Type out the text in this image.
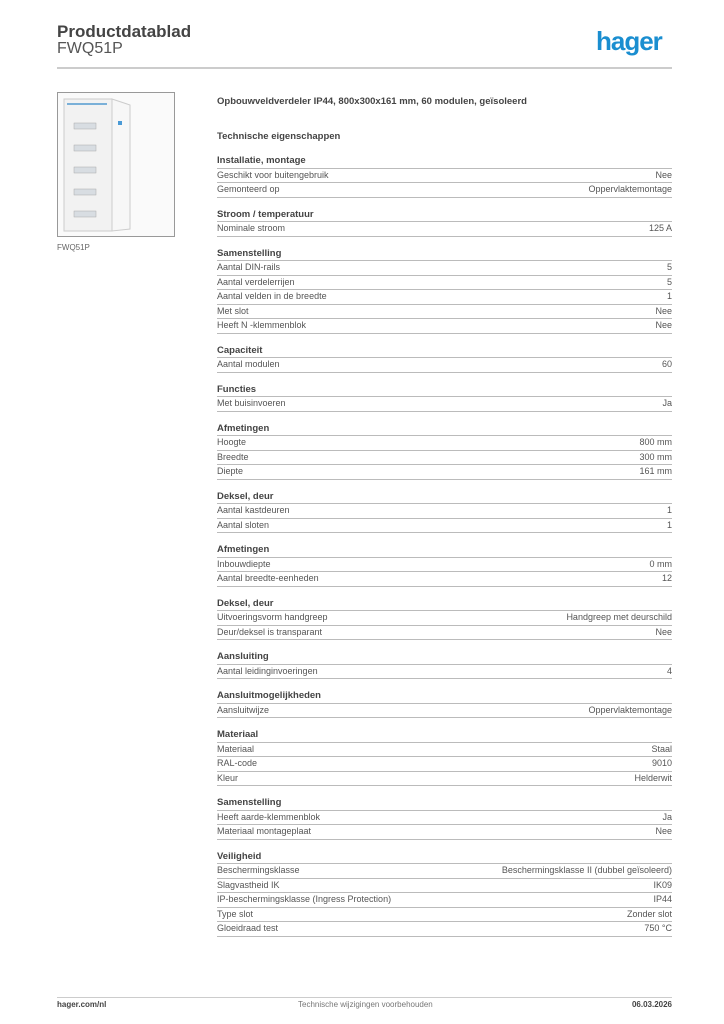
Productdatablad
FWQ51P	hager
FWQ51P
Opbouwveldverdeler IP44, 800x300x161 mm, 60 modulen, geïsoleerd
Technische eigenschappen
Installatie, montage
Geschikt voor buitengebruik	Nee
Gemonteerd op	Oppervlaktemontage
Stroom / temperatuur
Nominale stroom	125 A
Samenstelling
Aantal DIN-rails	5
Aantal verdelerrijen	5
Aantal velden in de breedte	1
Met slot	Nee
Heeft N -klemmenblok	Nee
Capaciteit
Aantal modulen	60
Functies
Met buisinvoeren	Ja
Afmetingen
Hoogte	800 mm
Breedte	300 mm
Diepte	161 mm
Deksel, deur
Aantal kastdeuren	1
Aantal sloten	1
Afmetingen
Inbouwdiepte	0 mm
Aantal breedte-eenheden	12
Deksel, deur
Uitvoeringsvorm handgreep	Handgreep met deurschild
Deur/deksel is transparant	Nee
Aansluiting
Aantal leidinginvoeringen	4
Aansluitmogelijkheden
Aansluitwijze	Oppervlaktemontage
Materiaal
Materiaal	Staal
RAL-code	9010
Kleur	Helderwit
Samenstelling
Heeft aarde-klemmenblok	Ja
Materiaal montageplaat	Nee
Veiligheid
Beschermingsklasse	Beschermingsklasse II (dubbel geïsoleerd)
Slagvastheid IK	IK09
IP-beschermingsklasse (Ingress Protection)	IP44
Type slot	Zonder slot
Gloeidraad test	750 °C
hager.com/nl	Technische wijzigingen voorbehouden	06.03.2026
